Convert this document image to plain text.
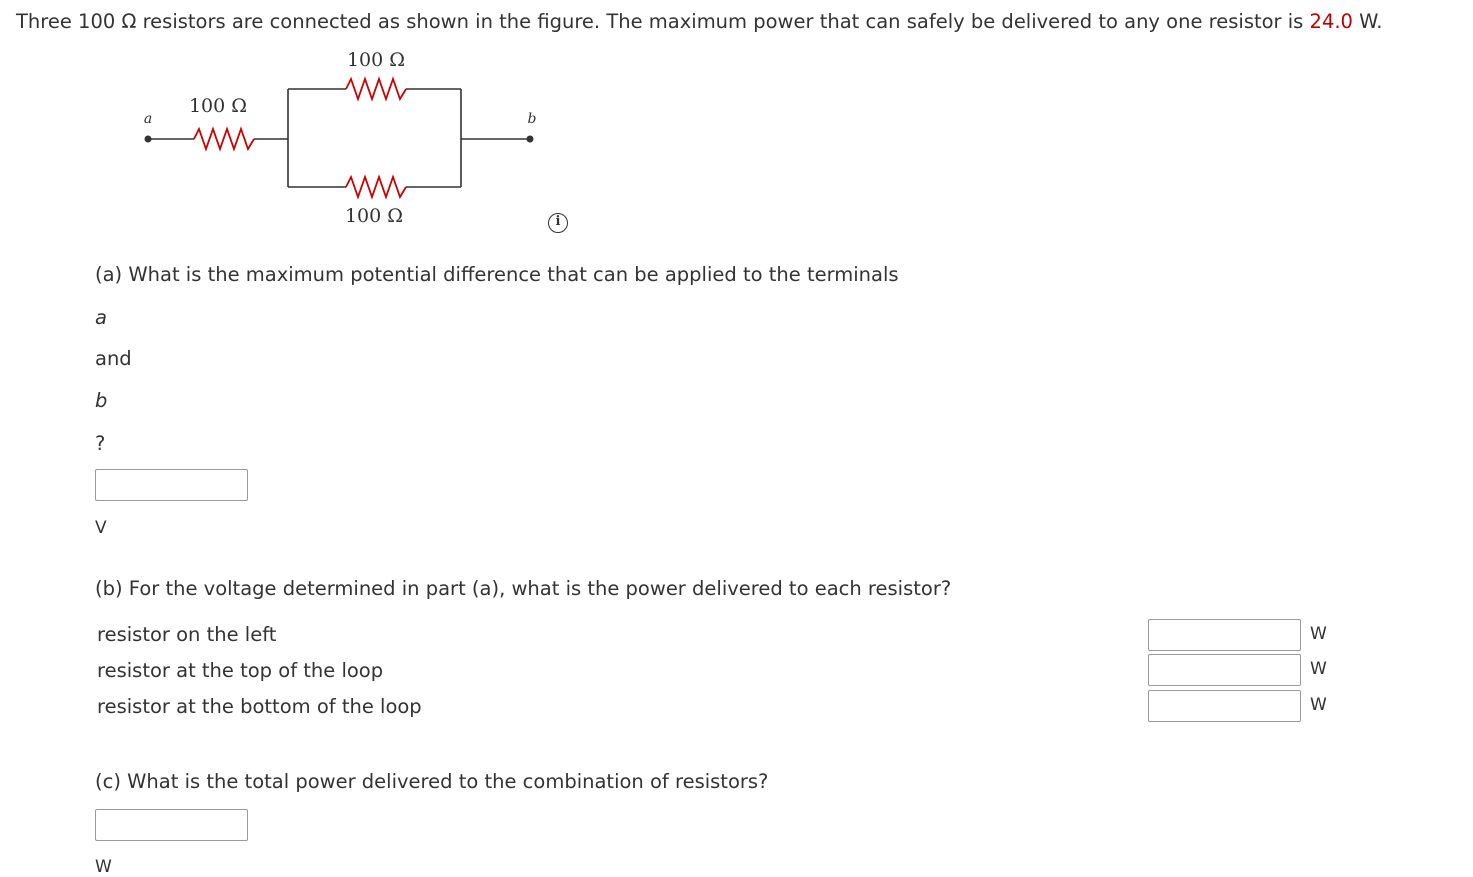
Three 100 Ω resistors are connected as shown in the figure. The maximum power that can safely be delivered to any one resistor is 24.0 W.
100 Ω
100 Ω
100 Ω
a	b
i
(a) What is the maximum potential difference that can be applied to the terminals
a
and
b
?
V
(b) For the voltage determined in part (a), what is the power delivered to each resistor?
resistor on the left	W
resistor at the top of the loop	W
resistor at the bottom of the loop	W
(c) What is the total power delivered to the combination of resistors?
W
